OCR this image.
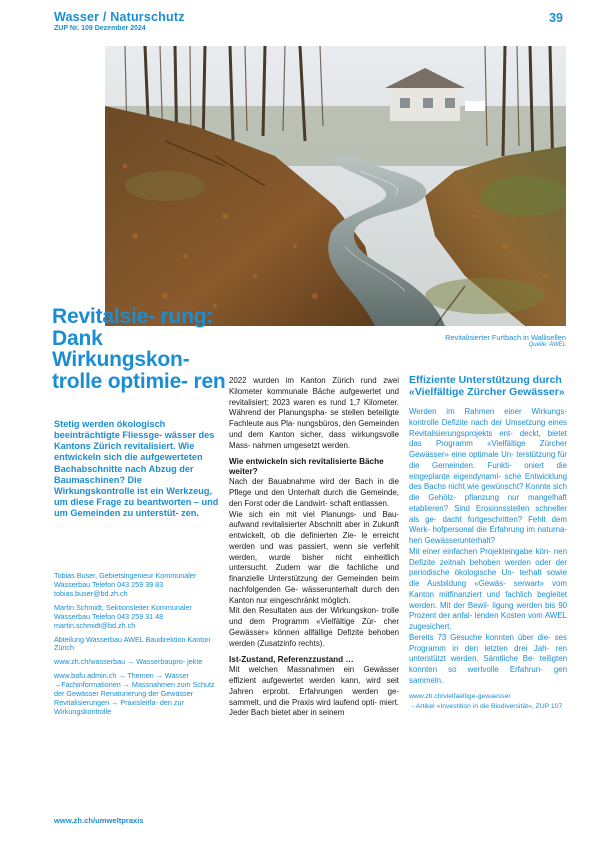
Wasser / Naturschutz
ZUP Nr. 109 Dezember 2024
39
Revitalisierter Furtbach in Wallisellen
Quelle: AWEL
Revitalsie- rung: Dank Wirkungskon- trolle optimie- ren
Stetig werden ökologisch beeinträchtigte Fliessge- wässer des Kantons Zürich revitalisiert. Wie entwickeln sich die aufgewerteten Bachabschnitte nach Abzug der Baumaschinen? Die Wirkungskontrolle ist ein Werkzeug, um diese Frage zu beantworten – und um Gemeinden zu unterstüt- zen.

Tobias Buser, Gebietsingenieur Kommunaler Wasserbau Telefon 043 259 39 83 tobias.buser@bd.zh.ch

Martin Schmidt, Sektionsleiter Kommunaler Wasserbau Telefon 043 259 31 48 martin.schmidt@bd.zh.ch

Abteilung Wasserbau AWEL Baudirektion Kanton Zürich

www.zh.ch/wasserbau → Wasserbaupro- jekte

www.bafu.admin.ch → Themen → Wasser →Fachinformationen → Massnahmen zum Schutz der Gewässer Renaturierung der Gewässer Revitalisierungen → Praxisleitfa- den zur Wirkungskontrolle

2022 wurden im Kanton Zürich rund zwei Kilometer kommunale Bäche aufgewertet und revitalisiert; 2023 waren es rund 1,7 Kilometer. Während der Planungspha- se stellen beteiligte Fachleute aus Pla- nungsbüros, den Gemeinden und dem Kanton sicher, dass wirkungsvolle Mass- nahmen umgesetzt werden.

Wie entwickeln sich revitalisierte Bäche weiter?

Nach der Bauabnahme wird der Bach in die Pflege und den Unterhalt durch die Gemeinde, den Forst oder die Landwirt- schaft entlassen.

Wie sich ein mit viel Planungs- und Bau- aufwand revitalisierter Abschnitt aber in Zukunft entwickelt, ob die definierten Zie- le erreicht werden und was passiert, wenn sie verfehlt werden, wurde bisher nicht einheitlich untersucht. Zudem war die fachliche und finanzielle Unterstützung der Gemeinden beim nachfolgenden Ge- wässerunterhalt durch den Kanton nur eingeschränkt möglich.

Mit den Resultaten aus der Wirkungskon- trolle und dem Programm «Vielfältige Zür- cher Gewässer» können allfällige Defizite behoben werden (Zusatzinfo rechts).

Ist-Zustand, Referenzzustand …

Mit welchen Massnahmen ein Gewässer effizient aufgewertet werden kann, wird seit Jahren erprobt. Erfahrungen werden ge- sammelt, und die Praxis wird laufend opti- miert. Jeder Bach bietet aber in seinem

Effiziente Unterstützung durch «Vielfältige Zürcher Gewässer»

Werden im Rahmen einer Wirkungs- kontrolle Defizite nach der Umsetzung eines Revitalisierungsprojekts ent- deckt, bietet das Programm «Vielfältige Zürcher Gewässer» eine optimale Un- terstützung für die Gemeinden. Funkti- oniert die eingeplante eigendynami- sche Entwicklung des Bachs nicht wie gewünscht? Konnte sich die Gehölz- pflanzung nur mangelhaft etablieren? Sind Erosionsstellen schneller als ge- dacht fortgeschritten? Fehlt dem Werk- hofpersonal die Erfahrung im naturna- hen Gewässerunterhalt?

Mit einer einfachen Projekteingabe kön- nen Defizite zeitnah behoben werden oder der periodische ökologische Un- terhalt sowie die Ausbildung «Gewäs- serwart» vom Kanton mitfinanziert und fachlich begleitet werden. Mit der Bewil- ligung werden bis 90 Prozent der anfal- lenden Kosten vom AWEL zugesichert.

Bereits 73 Gesuche konnten über die- ses Programm in den letzten drei Jah- ren unterstützt werden. Sämtliche Be- teiligten konnten so wertvolle Erfahrun- gen sammeln.

www.zh.ch/vielfaeltige-gewaesser

→Artikel «Investition in die Biodiversität», ZUP 107

www.zh.ch/umweltpraxis
